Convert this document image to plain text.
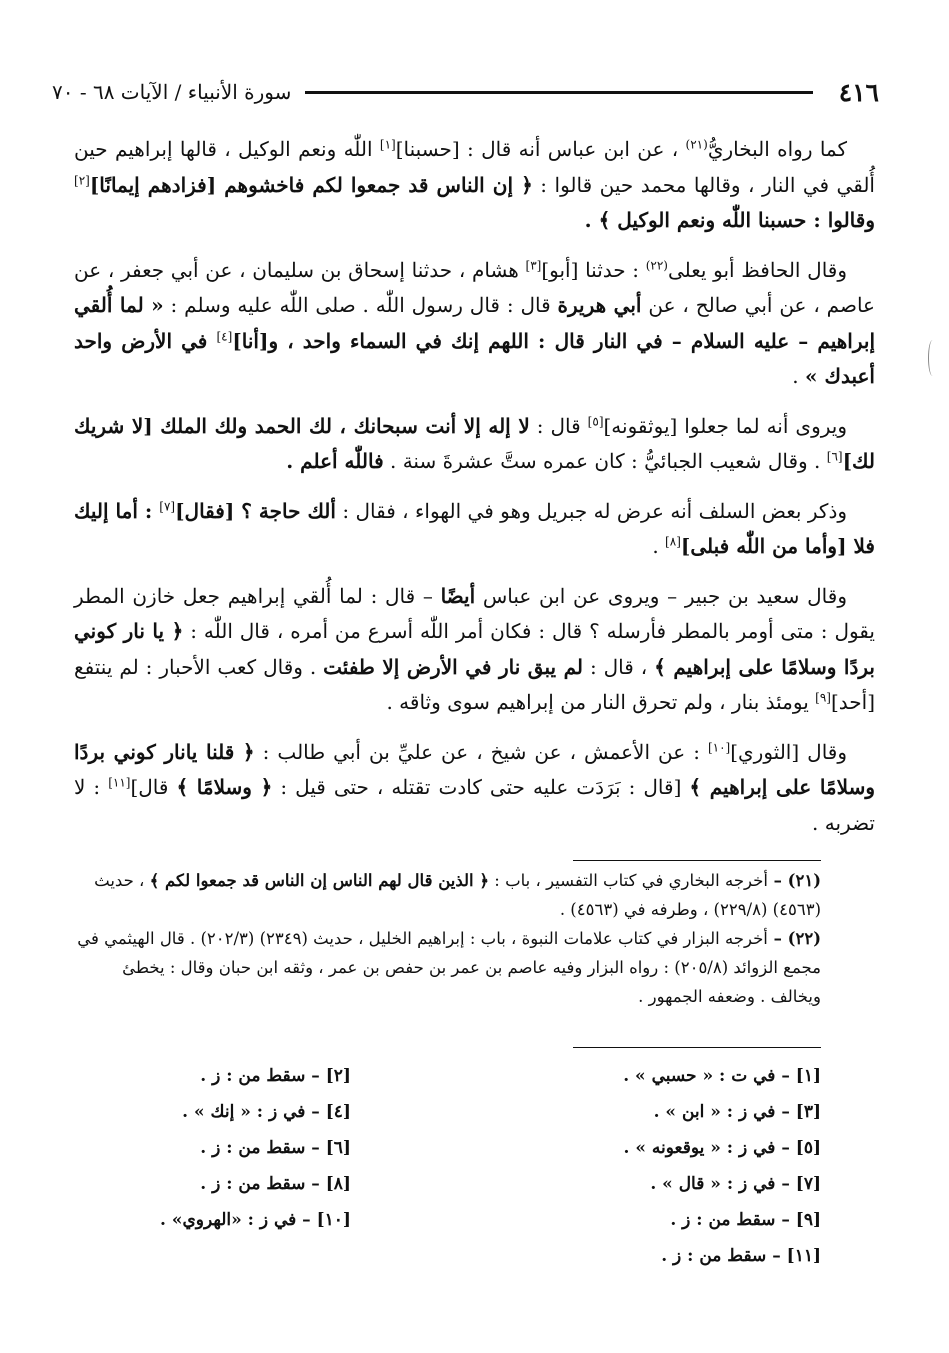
٤١٦
سورة الأنبياء / الآيات ٦٨ - ٧٠

كما رواه البخاريُّ$^{(٢١)}$ ، عن ابن عباس أنه قال : [حسبنا][١] اللّٰه ونعم الوكيل ، قالها إبراهيم حين أُلقي في النار ، وقالها محمد حين قالوا : ﴿ إن الناس قد جمعوا لكم فاخشوهم [فزادهم إيمانًا][٢] وقالوا : حسبنا اللّٰه ونعم الوكيل ﴾ .

وقال الحافظ أبو يعلى$^{(٢٢)}$ : حدثنا [أبو][٣] هشام ، حدثنا إسحاق بن سليمان ، عن أبي جعفر ، عن عاصم ، عن أبي صالح ، عن أبي هريرة قال : قال رسول اللّٰه . صلى اللّٰه عليه وسلم : « لما أُلقي إبراهيم – عليه السلام – في النار قال : اللهم إنك في السماء واحد ، و[أنا][٤] في الأرض واحد أعبدك » .

ويروى أنه لما جعلوا [يوثقونه][٥] قال : لا إله إلا أنت سبحانك ، لك الحمد ولك الملك [لا شريك لك][٦] . وقال شعيب الجبائيُّ : كان عمره ستَّ عشرةَ سنة . فاللّٰه أعلم .

وذكر بعض السلف أنه عرض له جبريل وهو في الهواء ، فقال : ألك حاجة ؟ [فقال][٧] : أما إليك فلا [وأما من اللّٰه فبلى][٨] .

وقال سعيد بن جبير – ويروى عن ابن عباس أيضًا – قال : لما أُلقي إبراهيم جعل خازن المطر يقول : متى أومر بالمطر فأرسله ؟ قال : فكان أمر اللّٰه أسرع من أمره ، قال اللّٰه : ﴿ يا نار كوني بردًا وسلامًا على إبراهيم ﴾ ، قال : لم يبق نار في الأرض إلا طفئت . وقال كعب الأحبار : لم ينتفع [أحد][٩] يومئذ بنار ، ولم تحرق النار من إبراهيم سوى وثاقه .

وقال [الثوري][١٠] : عن الأعمش ، عن شيخ ، عن عليِّ بن أبي طالب : ﴿ قلنا يانار كوني بردًا وسلامًا على إبراهيم ﴾ [قال : بَرَدَت عليه حتى كادت تقتله ، حتى قيل : ﴿ وسلامًا ﴾ قال][١١] : لا تضربه .

(٢١) – أخرجه البخاري في كتاب التفسير ، باب : ﴿ الذين قال لهم الناس إن الناس قد جمعوا لكم ﴾ ، حديث (٤٥٦٣) (٢٢٩/٨) ، وطرفه في (٤٥٦٣) .

(٢٢) – أخرجه البزار في كتاب علامات النبوة ، باب : إبراهيم الخليل ، حديث (٢٣٤٩) (٢٠٢/٣) . قال الهيثمي في مجمع الزوائد (٢٠٥/٨) : رواه البزار وفيه عاصم بن عمر بن حفص بن عمر ، وثقه ابن حبان وقال : يخطئ ويخالف . وضعفه الجمهور .

[١] – في ت : « حسبي » .
[٣] – في ز : « ابن » .
[٥] – في ز : « يوقعونه » .
[٧] – في ز : « قال » .
[٩] – سقط من : ز .
[١١] – سقط من : ز .
[٢] – سقط من : ز .
[٤] – في ز : « إنك » .
[٦] – سقط من : ز .
[٨] – سقط من : ز .
[١٠] – في ز : «الهروي» .
